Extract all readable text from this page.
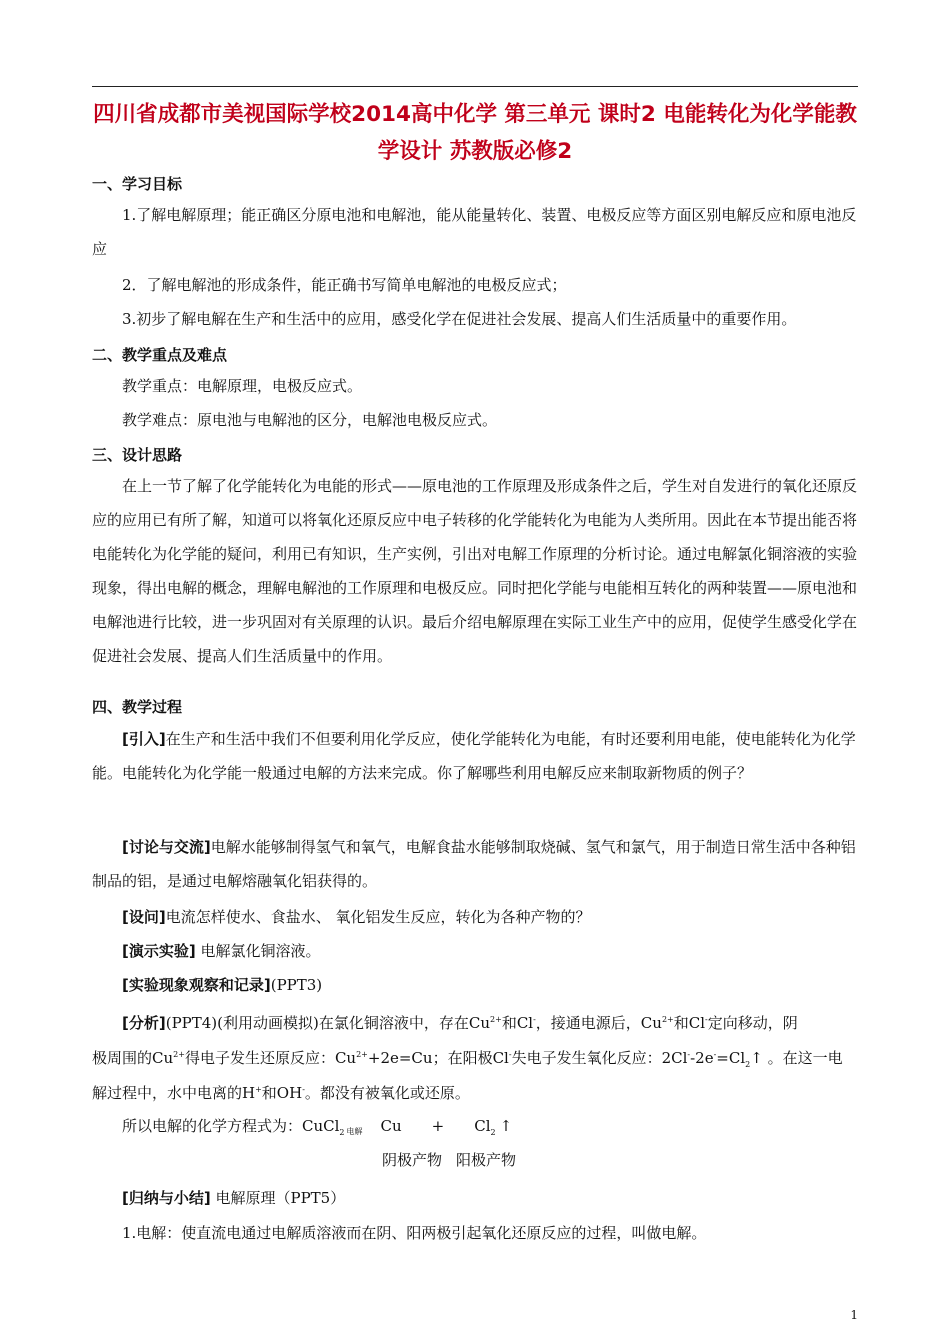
四川省成都市美视国际学校2014高中化学 第三单元 课时2 电能转化为化学能教学设计 苏教版必修2
一、学习目标
1.了解电解原理；能正确区分原电池和电解池，能从能量转化、装置、电极反应等方面区别电解反应和原电池反应
2．了解电解池的形成条件，能正确书写简单电解池的电极反应式；
3.初步了解电解在生产和生活中的应用，感受化学在促进社会发展、提高人们生活质量中的重要作用。
二、教学重点及难点
教学重点：电解原理，电极反应式。
教学难点：原电池与电解池的区分，电解池电极反应式。
三、设计思路
在上一节了解了化学能转化为电能的形式——原电池的工作原理及形成条件之后，学生对自发进行的氧化还原反应的应用已有所了解，知道可以将氧化还原反应中电子转移的化学能转化为电能为人类所用。因此在本节提出能否将电能转化为化学能的疑问，利用已有知识，生产实例，引出对电解工作原理的分析讨论。通过电解氯化铜溶液的实验现象，得出电解的概念，理解电解池的工作原理和电极反应。同时把化学能与电能相互转化的两种装置——原电池和电解池进行比较，进一步巩固对有关原理的认识。最后介绍电解原理在实际工业生产中的应用，促使学生感受化学在促进社会发展、提高人们生活质量中的作用。
四、教学过程
[引入]在生产和生活中我们不但要利用化学反应，使化学能转化为电能，有时还要利用电能，使电能转化为化学能。电能转化为化学能一般通过电解的方法来完成。你了解哪些利用电解反应来制取新物质的例子？
[讨论与交流]电解水能够制得氢气和氧气，电解食盐水能够制取烧碱、氢气和氯气，用于制造日常生活中各种铝制品的铝，是通过电解熔融氧化铝获得的。
[设问]电流怎样使水、食盐水、 氧化铝发生反应，转化为各种产物的？
[演示实验] 电解氯化铜溶液。
[实验现象观察和记录](PPT3)
[分析](PPT4)(利用动画模拟)在氯化铜溶液中，存在$Cu^{2+}$和Cl-，接通电源后，$Cu^{2+}$和Cl-定向移动，阴
极周围的$Cu^{2+}$得电子发生还原反应：$Cu^{2+}+2e=Cu$；在阳极Cl-失电子发生氧化反应：$2Cl^--2e^-=Cl_2↑$ 。在这一电
解过程中，水中电离的H+和OH-。都没有被氧化或还原。
所以电解的化学方程式为：CuCl$_2$ 电解 $Cu + Cl_2$ ↑
阴极产物 阳极产物
[归纳与小结] 电解原理（PPT5）
1.电解：使直流电通过电解质溶液而在阴、阳两极引起氧化还原反应的过程，叫做电解。
1
